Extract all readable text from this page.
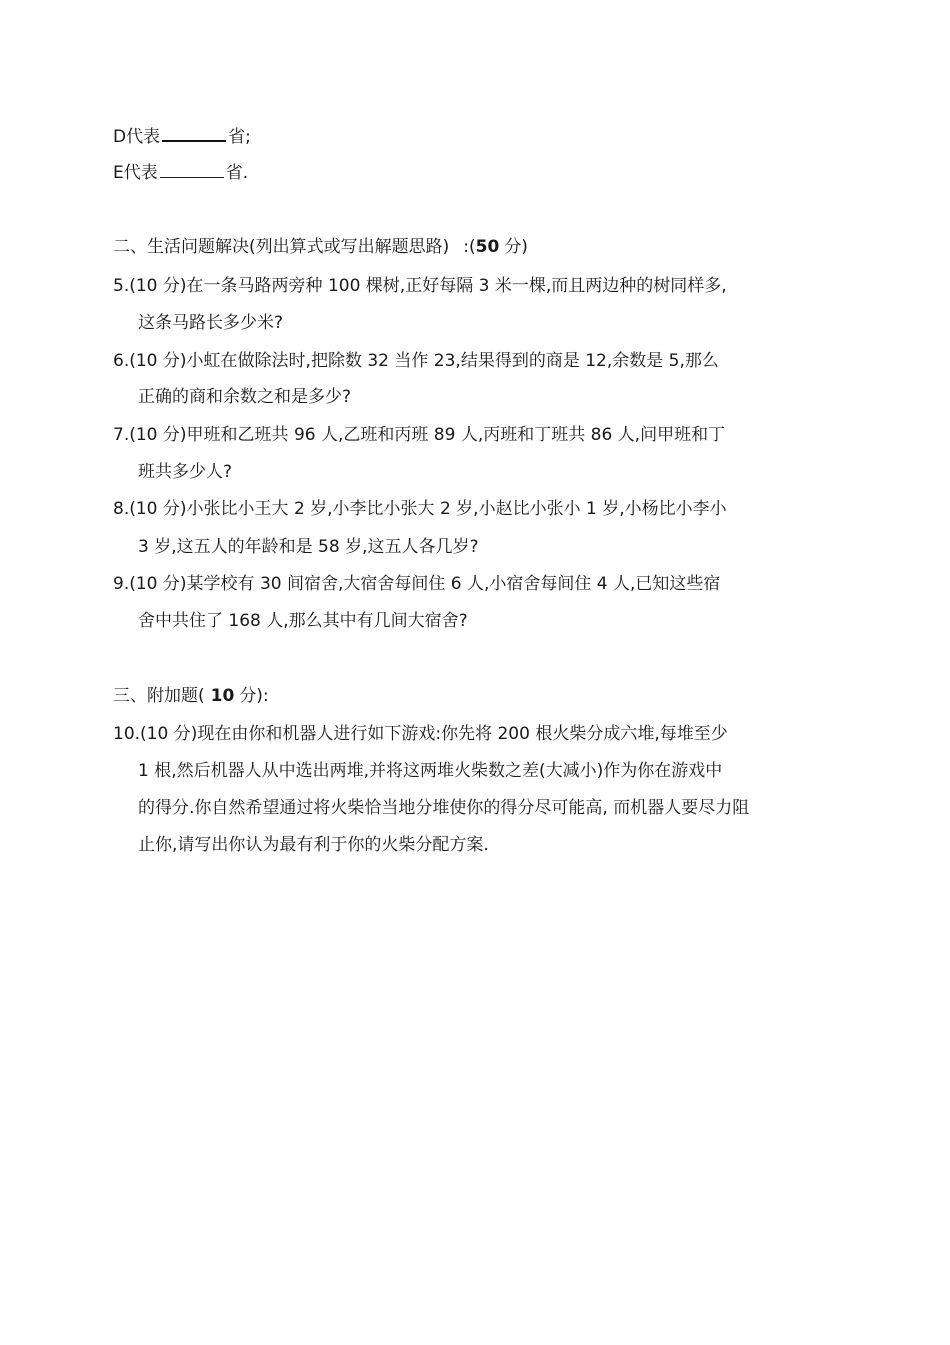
D代表	省;
E代表	省.
二、生活问题解决(列出算式或写出解题思路) :(50 分)
5.(10 分)在一条马路两旁种 100 棵树,正好每隔 3 米一棵,而且两边种的树同样多,
这条马路长多少米?
6.(10 分)小虹在做除法时,把除数 32 当作 23,结果得到的商是 12,余数是 5,那么
正确的商和余数之和是多少?
7.(10 分)甲班和乙班共 96 人,乙班和丙班 89 人,丙班和丁班共 86 人,问甲班和丁
班共多少人?
8.(10 分)小张比小王大 2 岁,小李比小张大 2 岁,小赵比小张小 1 岁,小杨比小李小
3 岁,这五人的年龄和是 58 岁,这五人各几岁?
9.(10 分)某学校有 30 间宿舍,大宿舍每间住 6 人,小宿舍每间住 4 人,已知这些宿
舍中共住了 168 人,那么其中有几间大宿舍?
三、附加题( 10 分):
10.(10 分)现在由你和机器人进行如下游戏:你先将 200 根火柴分成六堆,每堆至少
1 根,然后机器人从中选出两堆,并将这两堆火柴数之差(大减小)作为你在游戏中
的得分.你自然希望通过将火柴恰当地分堆使你的得分尽可能高, 而机器人要尽力阻
止你,请写出你认为最有利于你的火柴分配方案.
